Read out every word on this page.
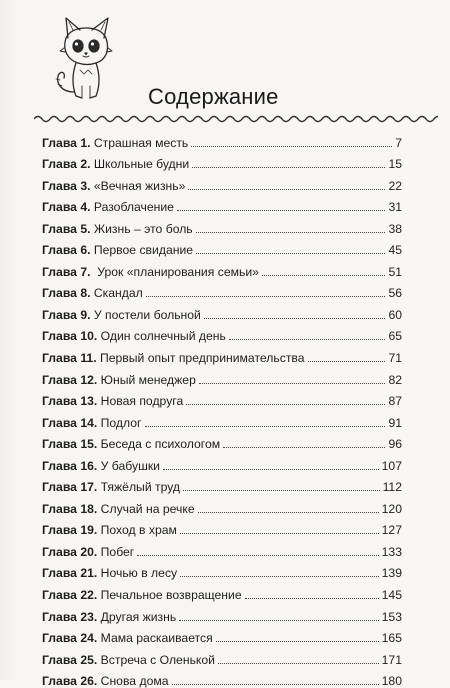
Содержание
Глава 1. Страшная месть	7
Глава 2. Школьные будни	15
Глава 3. «Вечная жизнь»	22
Глава 4. Разоблачение	31
Глава 5. Жизнь – это боль	38
Глава 6. Первое свидание	45
Глава 7. Урок «планирования семьи»	51
Глава 8. Скандал	56
Глава 9. У постели больной	60
Глава 10. Один солнечный день	65
Глава 11. Первый опыт предпринимательства	71
Глава 12. Юный менеджер	82
Глава 13. Новая подруга	87
Глава 14. Подлог	91
Глава 15. Беседа с психологом	96
Глава 16. У бабушки	107
Глава 17. Тяжёлый труд	112
Глава 18. Случай на речке	120
Глава 19. Поход в храм	127
Глава 20. Побег	133
Глава 21. Ночью в лесу	139
Глава 22. Печальное возвращение	145
Глава 23. Другая жизнь	153
Глава 24. Мама раскаивается	165
Глава 25. Встреча с Оленькой	171
Глава 26. Снова дома	180
